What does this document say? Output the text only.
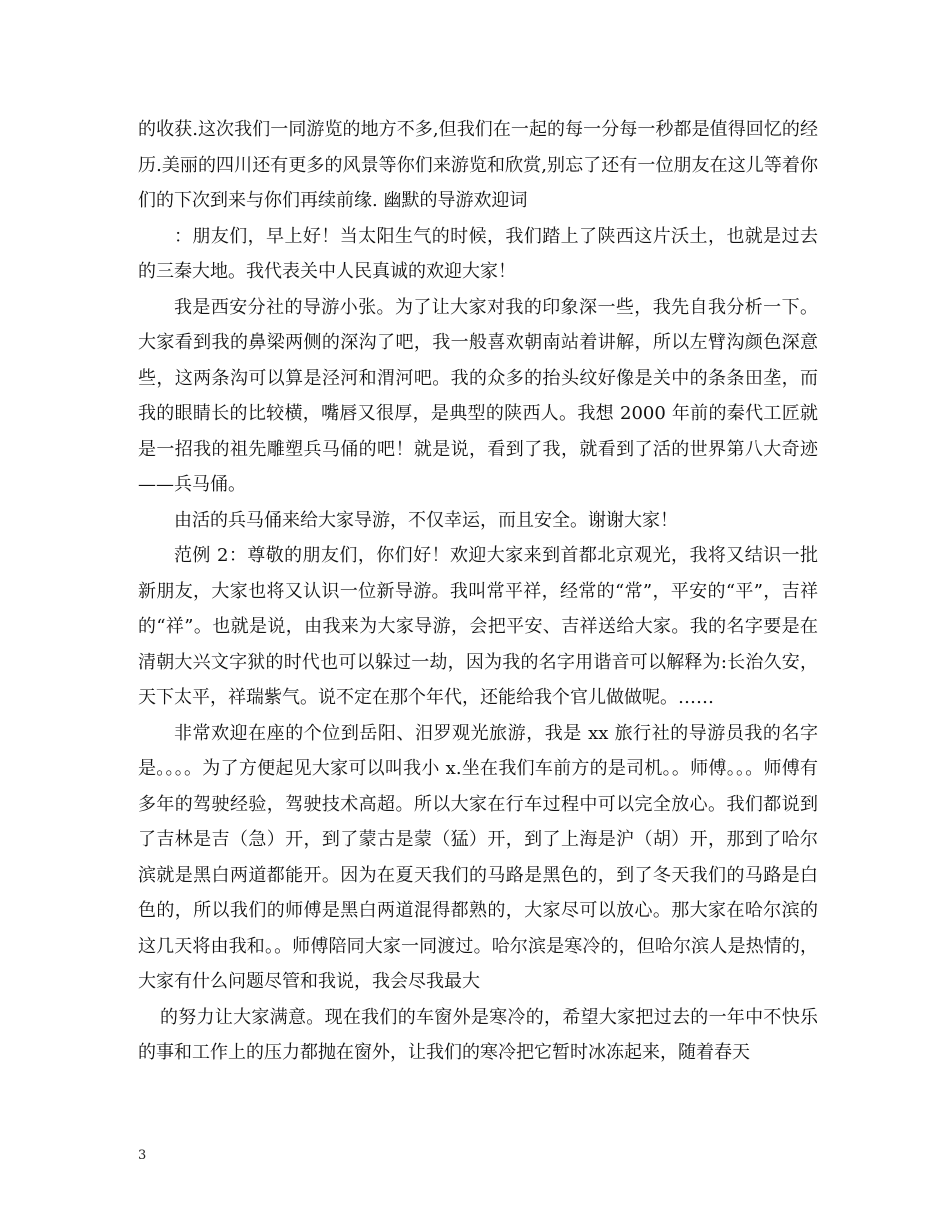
的收获.这次我们一同游览的地方不多,但我们在一起的每一分每一秒都是值得回忆的经历.美丽的四川还有更多的风景等你们来游览和欣赏,别忘了还有一位朋友在这儿等着你们的下次到来与你们再续前缘. 幽默的导游欢迎词

：朋友们，早上好！当太阳生气的时候，我们踏上了陕西这片沃土，也就是过去的三秦大地。我代表关中人民真诚的欢迎大家！

我是西安分社的导游小张。为了让大家对我的印象深一些，我先自我分析一下。大家看到我的鼻梁两侧的深沟了吧，我一般喜欢朝南站着讲解，所以左臂沟颜色深意些，这两条沟可以算是泾河和渭河吧。我的众多的抬头纹好像是关中的条条田垄，而我的眼睛长的比较横，嘴唇又很厚，是典型的陕西人。我想 2000 年前的秦代工匠就是一招我的祖先雕塑兵马俑的吧！就是说，看到了我，就看到了活的世界第八大奇迹——兵马俑。

由活的兵马俑来给大家导游，不仅幸运，而且安全。谢谢大家！

范例 2：尊敬的朋友们，你们好！欢迎大家来到首都北京观光，我将又结识一批新朋友，大家也将又认识一位新导游。我叫常平祥，经常的“常”，平安的“平”，吉祥的“祥”。也就是说，由我来为大家导游，会把平安、吉祥送给大家。我的名字要是在清朝大兴文字狱的时代也可以躲过一劫，因为我的名字用谐音可以解释为:长治久安，天下太平，祥瑞紫气。说不定在那个年代，还能给我个官儿做做呢。……

非常欢迎在座的个位到岳阳、汨罗观光旅游，我是 xx 旅行社的导游员我的名字是。。。。为了方便起见大家可以叫我小 x.坐在我们车前方的是司机。。师傅。。。师傅有多年的驾驶经验，驾驶技术高超。所以大家在行车过程中可以完全放心。我们都说到了吉林是吉（急）开，到了蒙古是蒙（猛）开，到了上海是沪（胡）开，那到了哈尔滨就是黑白两道都能开。因为在夏天我们的马路是黑色的，到了冬天我们的马路是白色的，所以我们的师傅是黑白两道混得都熟的，大家尽可以放心。那大家在哈尔滨的这几天将由我和。。师傅陪同大家一同渡过。哈尔滨是寒冷的，但哈尔滨人是热情的，大家有什么问题尽管和我说，我会尽我最大

的努力让大家满意。现在我们的车窗外是寒冷的，希望大家把过去的一年中不快乐的事和工作上的压力都抛在窗外，让我们的寒冷把它暂时冰冻起来，随着春天

3
